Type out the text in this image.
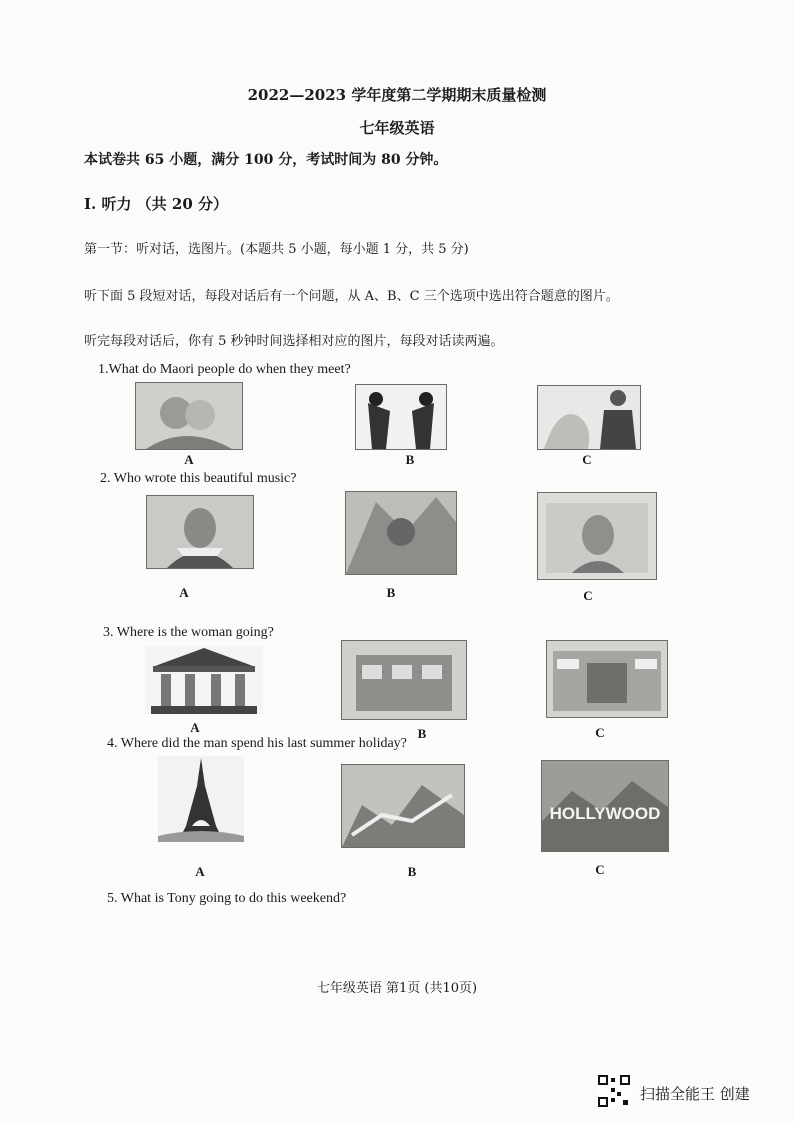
2022—2023 学年度第二学期期末质量检测
七年级英语
本试卷共 65 小题，满分 100 分，考试时间为 80 分钟。
I. 听力 （共 20 分）
第一节：听对话，选图片。(本题共 5 小题，每小题 1 分，共 5 分)
听下面 5 段短对话，每段对话后有一个问题，从 A、B、C 三个选项中选出符合题意的图片。
听完每段对话后，你有 5 秒钟时间选择相对应的图片，每段对话读两遍。
1.What do Maori people do when they meet?
A	B	C
2. Who wrote this beautiful music?
A	B	C
3. Where is the woman going?
A	B	C
4. Where did the man spend his last summer holiday?
A	B
HOLLYWOOD
C
5. What is Tony going to do this weekend?
七年级英语 第1页 (共10页)
扫描全能王 创建
